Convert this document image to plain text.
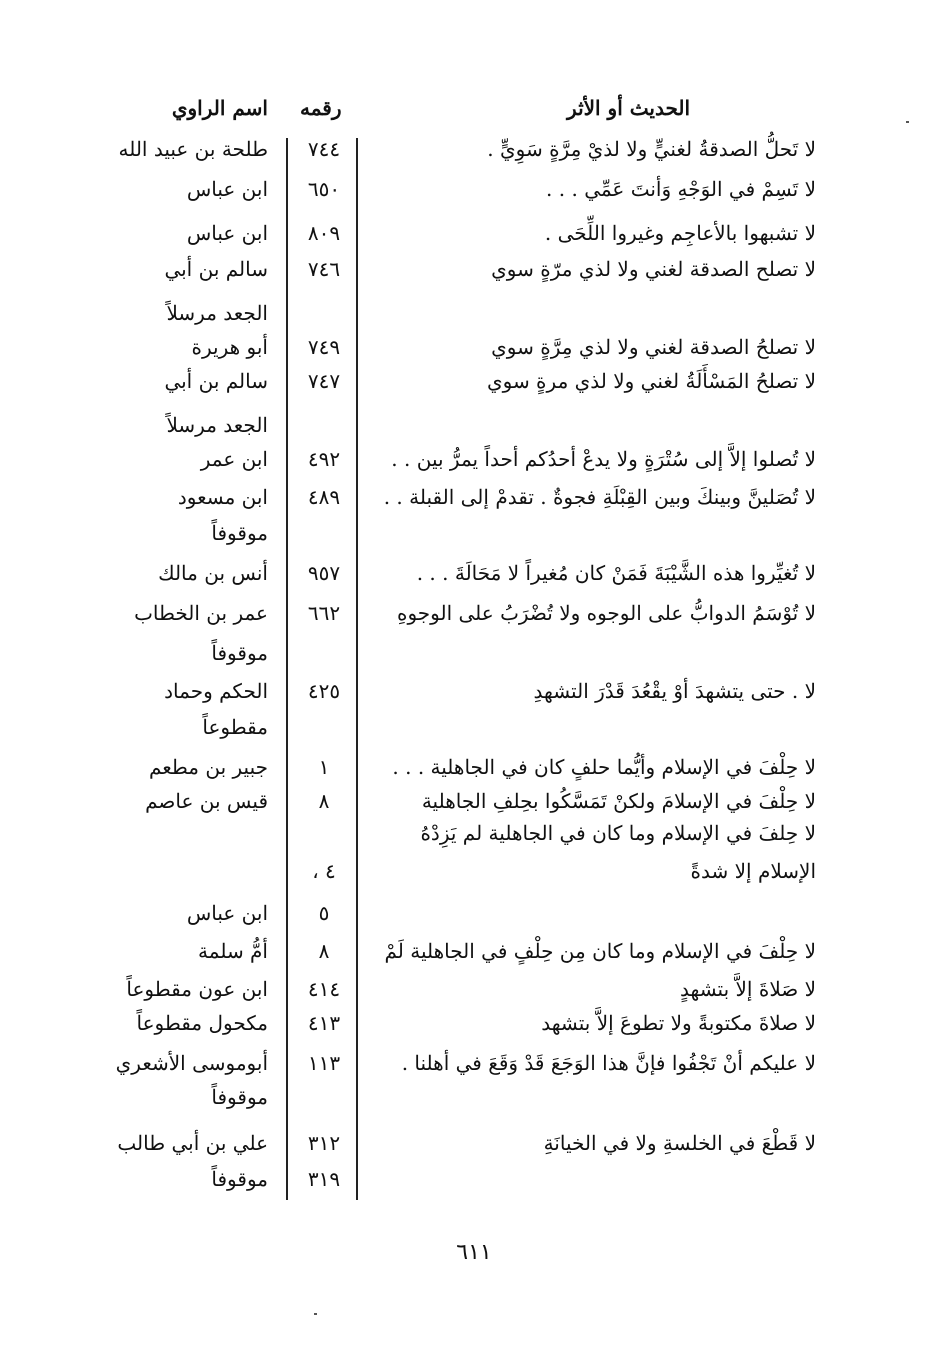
الحديث أو الأثر
رقمه
اسم الراوي
لا تَحلُّ الصدقةُ لغنيٍّ ولا لذيْ مِرَّةٍ سَوِيٍّ .
٧٤٤
طلحة بن عبيد الله
لا تَسِمْ في الوَجْهِ وَأنتَ عَمِّي . . .
٦٥٠
ابن عباس
لا تشبهوا بالأعاجِم وغيروا اللِّحَى .
٨٠٩
ابن عباس
لا تصلح الصدقة لغني ولا لذي مرّةٍ سوي
٧٤٦
سالم بن أبي
الجعد مرسلاً
لا تصلحُ الصدقة لغني ولا لذي مِرَّةٍ سوي
٧٤٩
أبو هريرة
لا تصلحُ المَسْأَلَةُ لغني ولا لذي مرةٍ سوي
٧٤٧
سالم بن أبي
الجعد مرسلاً
لا تُصلوا إلاَّ إلى سُتْرَةٍ ولا يدعْ أحدُكم أحداً يمرُّ بين . .
٤٩٢
ابن عمر
لا تُصَلينَّ وبينكَ وبين القِبْلَةِ فجوةٌ . تقدمْ إلى القبلة . .
٤٨٩
ابن مسعود
موقوفاً
لا تُغيِّروا هذه الشَّيْبَةَ فَمَنْ كان مُغيراً لا مَحَالَةَ . . .
٩٥٧
أنس بن مالك
لا تُوْسَمُ الدوابُّ على الوجوه ولا تُضْرَبُ على الوجوهِ
٦٦٢
عمر بن الخطاب
موقوفاً
لا . حتى يتشهدَ أوْ يقْعُدَ قَدْرَ التشهدِ
٤٢٥
الحكم وحماد
مقطوعاً
لا حِلْفَ في الإسلام وأيُّما حلفٍ كان في الجاهلية . . .
١
جبير بن مطعم
لا حِلْفَ في الإسلامَ ولكنْ تَمَسَّكُوا بحِلفِ الجاهلية
٨
قيس بن عاصم
لا حِلفَ في الإسلام وما كان في الجاهلية لم يَزِدْهُ
الإسلام إلا شدةً
٤ ،
٥
ابن عباس
لا حِلْفَ في الإسلام وما كان مِن حِلْفٍ في الجاهلية لَمْ
٨
أمُّ سلمة
لا صَلاةَ إلاَّ بتشهدٍ
٤١٤
ابن عون مقطوعاً
لا صلاةَ مكتوبةً ولا تطوعَ إلاَّ بتشهد
٤١٣
مكحول مقطوعاً
لا عليكم أنْ تَجْفُوا فإنَّ هذا الوَجَعَ قَدْ وَقَعَ في أهلنا .
١١٣
أبوموسى الأشعري
موقوفاً
لا قَطْعَ في الخلسةِ ولا في الخيانَةِ
٣١٢
علي بن أبي طالب
٣١٩
موقوفاً
٦١١
